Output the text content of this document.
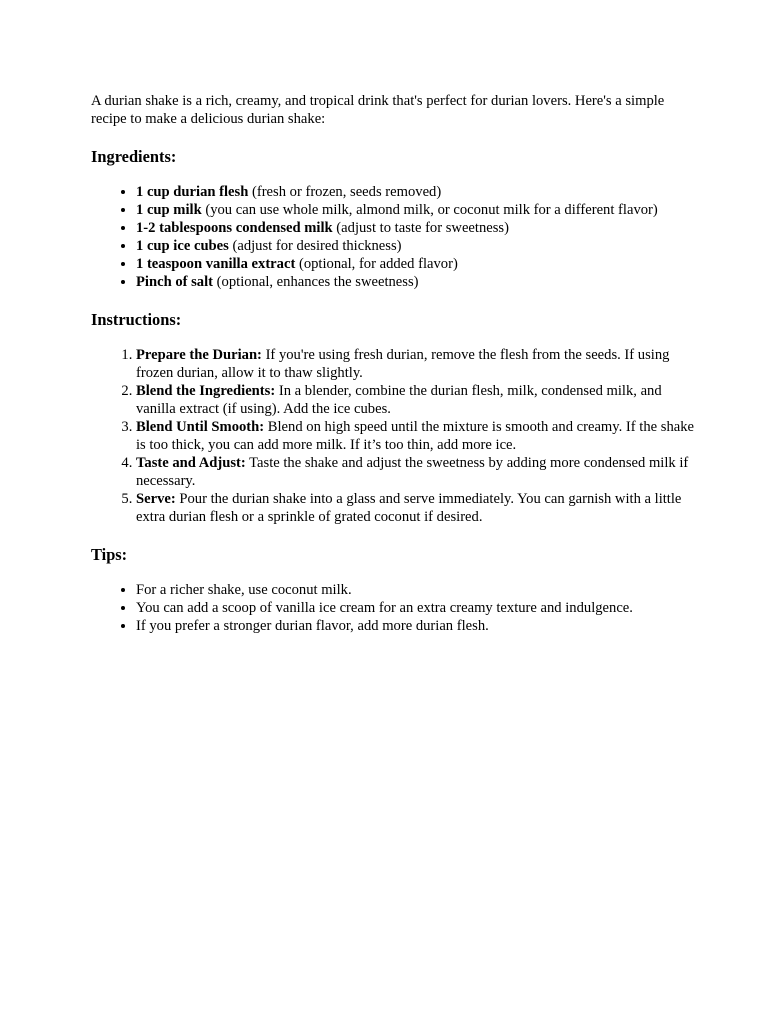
A durian shake is a rich, creamy, and tropical drink that's perfect for durian lovers. Here's a simple recipe to make a delicious durian shake:

Ingredients:
• 1 cup durian flesh (fresh or frozen, seeds removed)
• 1 cup milk (you can use whole milk, almond milk, or coconut milk for a different flavor)
• 1-2 tablespoons condensed milk (adjust to taste for sweetness)
• 1 cup ice cubes (adjust for desired thickness)
• 1 teaspoon vanilla extract (optional, for added flavor)
• Pinch of salt (optional, enhances the sweetness)
Instructions:
1. Prepare the Durian: If you're using fresh durian, remove the flesh from the seeds. If using frozen durian, allow it to thaw slightly.
2. Blend the Ingredients: In a blender, combine the durian flesh, milk, condensed milk, and vanilla extract (if using). Add the ice cubes.
3. Blend Until Smooth: Blend on high speed until the mixture is smooth and creamy. If the shake is too thick, you can add more milk. If it’s too thin, add more ice.
4. Taste and Adjust: Taste the shake and adjust the sweetness by adding more condensed milk if necessary.
5. Serve: Pour the durian shake into a glass and serve immediately. You can garnish with a little extra durian flesh or a sprinkle of grated coconut if desired.
Tips:
• For a richer shake, use coconut milk.
• You can add a scoop of vanilla ice cream for an extra creamy texture and indulgence.
• If you prefer a stronger durian flavor, add more durian flesh.
